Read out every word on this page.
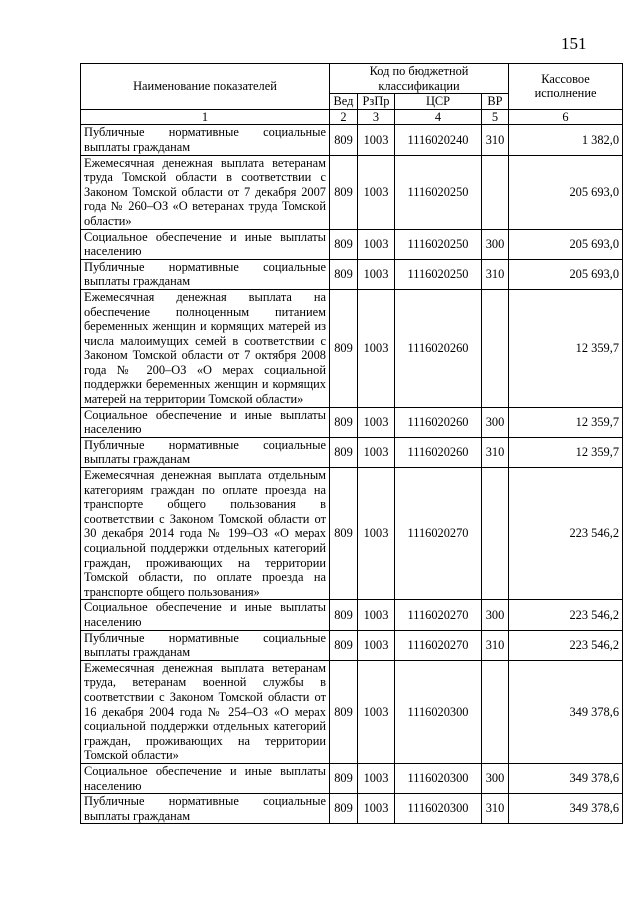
151
Наименование показателей	Код по бюджетной классификации				Кассовое
исполнение
	Вед	РзПр	ЦСР	ВР	
1	2	3	4	5	6
Публичные нормативные социальные выплаты гражданам	809	1003	1116020240	310	1 382,0
Ежемесячная денежная выплата ветеранам труда Томской области в соответствии с Законом Томской области от 7 декабря 2007 года № 260–ОЗ «О ветеранах труда Томской области»	809	1003	1116020250		205 693,0
Социальное обеспечение и иные выплаты населению	809	1003	1116020250	300	205 693,0
Публичные нормативные социальные выплаты гражданам	809	1003	1116020250	310	205 693,0
Ежемесячная денежная выплата на обеспечение полноценным питанием беременных женщин и кормящих матерей из числа малоимущих семей в соответствии с Законом Томской области от 7 октября 2008 года № 200–ОЗ «О мерах социальной поддержки беременных женщин и кормящих матерей на территории Томской области»	809	1003	1116020260		12 359,7
Социальное обеспечение и иные выплаты населению	809	1003	1116020260	300	12 359,7
Публичные нормативные социальные выплаты гражданам	809	1003	1116020260	310	12 359,7
Ежемесячная денежная выплата отдельным категориям граждан по оплате проезда на транспорте общего пользования в соответствии с Законом Томской области от 30 декабря 2014 года № 199–ОЗ «О мерах социальной поддержки отдельных категорий граждан, проживающих на территории Томской области, по оплате проезда на транспорте общего пользования»	809	1003	1116020270		223 546,2
Социальное обеспечение и иные выплаты населению	809	1003	1116020270	300	223 546,2
Публичные нормативные социальные выплаты гражданам	809	1003	1116020270	310	223 546,2
Ежемесячная денежная выплата ветеранам труда, ветеранам военной службы в соответствии с Законом Томской области от 16 декабря 2004 года № 254–ОЗ «О мерах социальной поддержки отдельных категорий граждан, проживающих на территории Томской области»	809	1003	1116020300		349 378,6
Социальное обеспечение и иные выплаты населению	809	1003	1116020300	300	349 378,6
Публичные нормативные социальные выплаты гражданам	809	1003	1116020300	310	349 378,6
